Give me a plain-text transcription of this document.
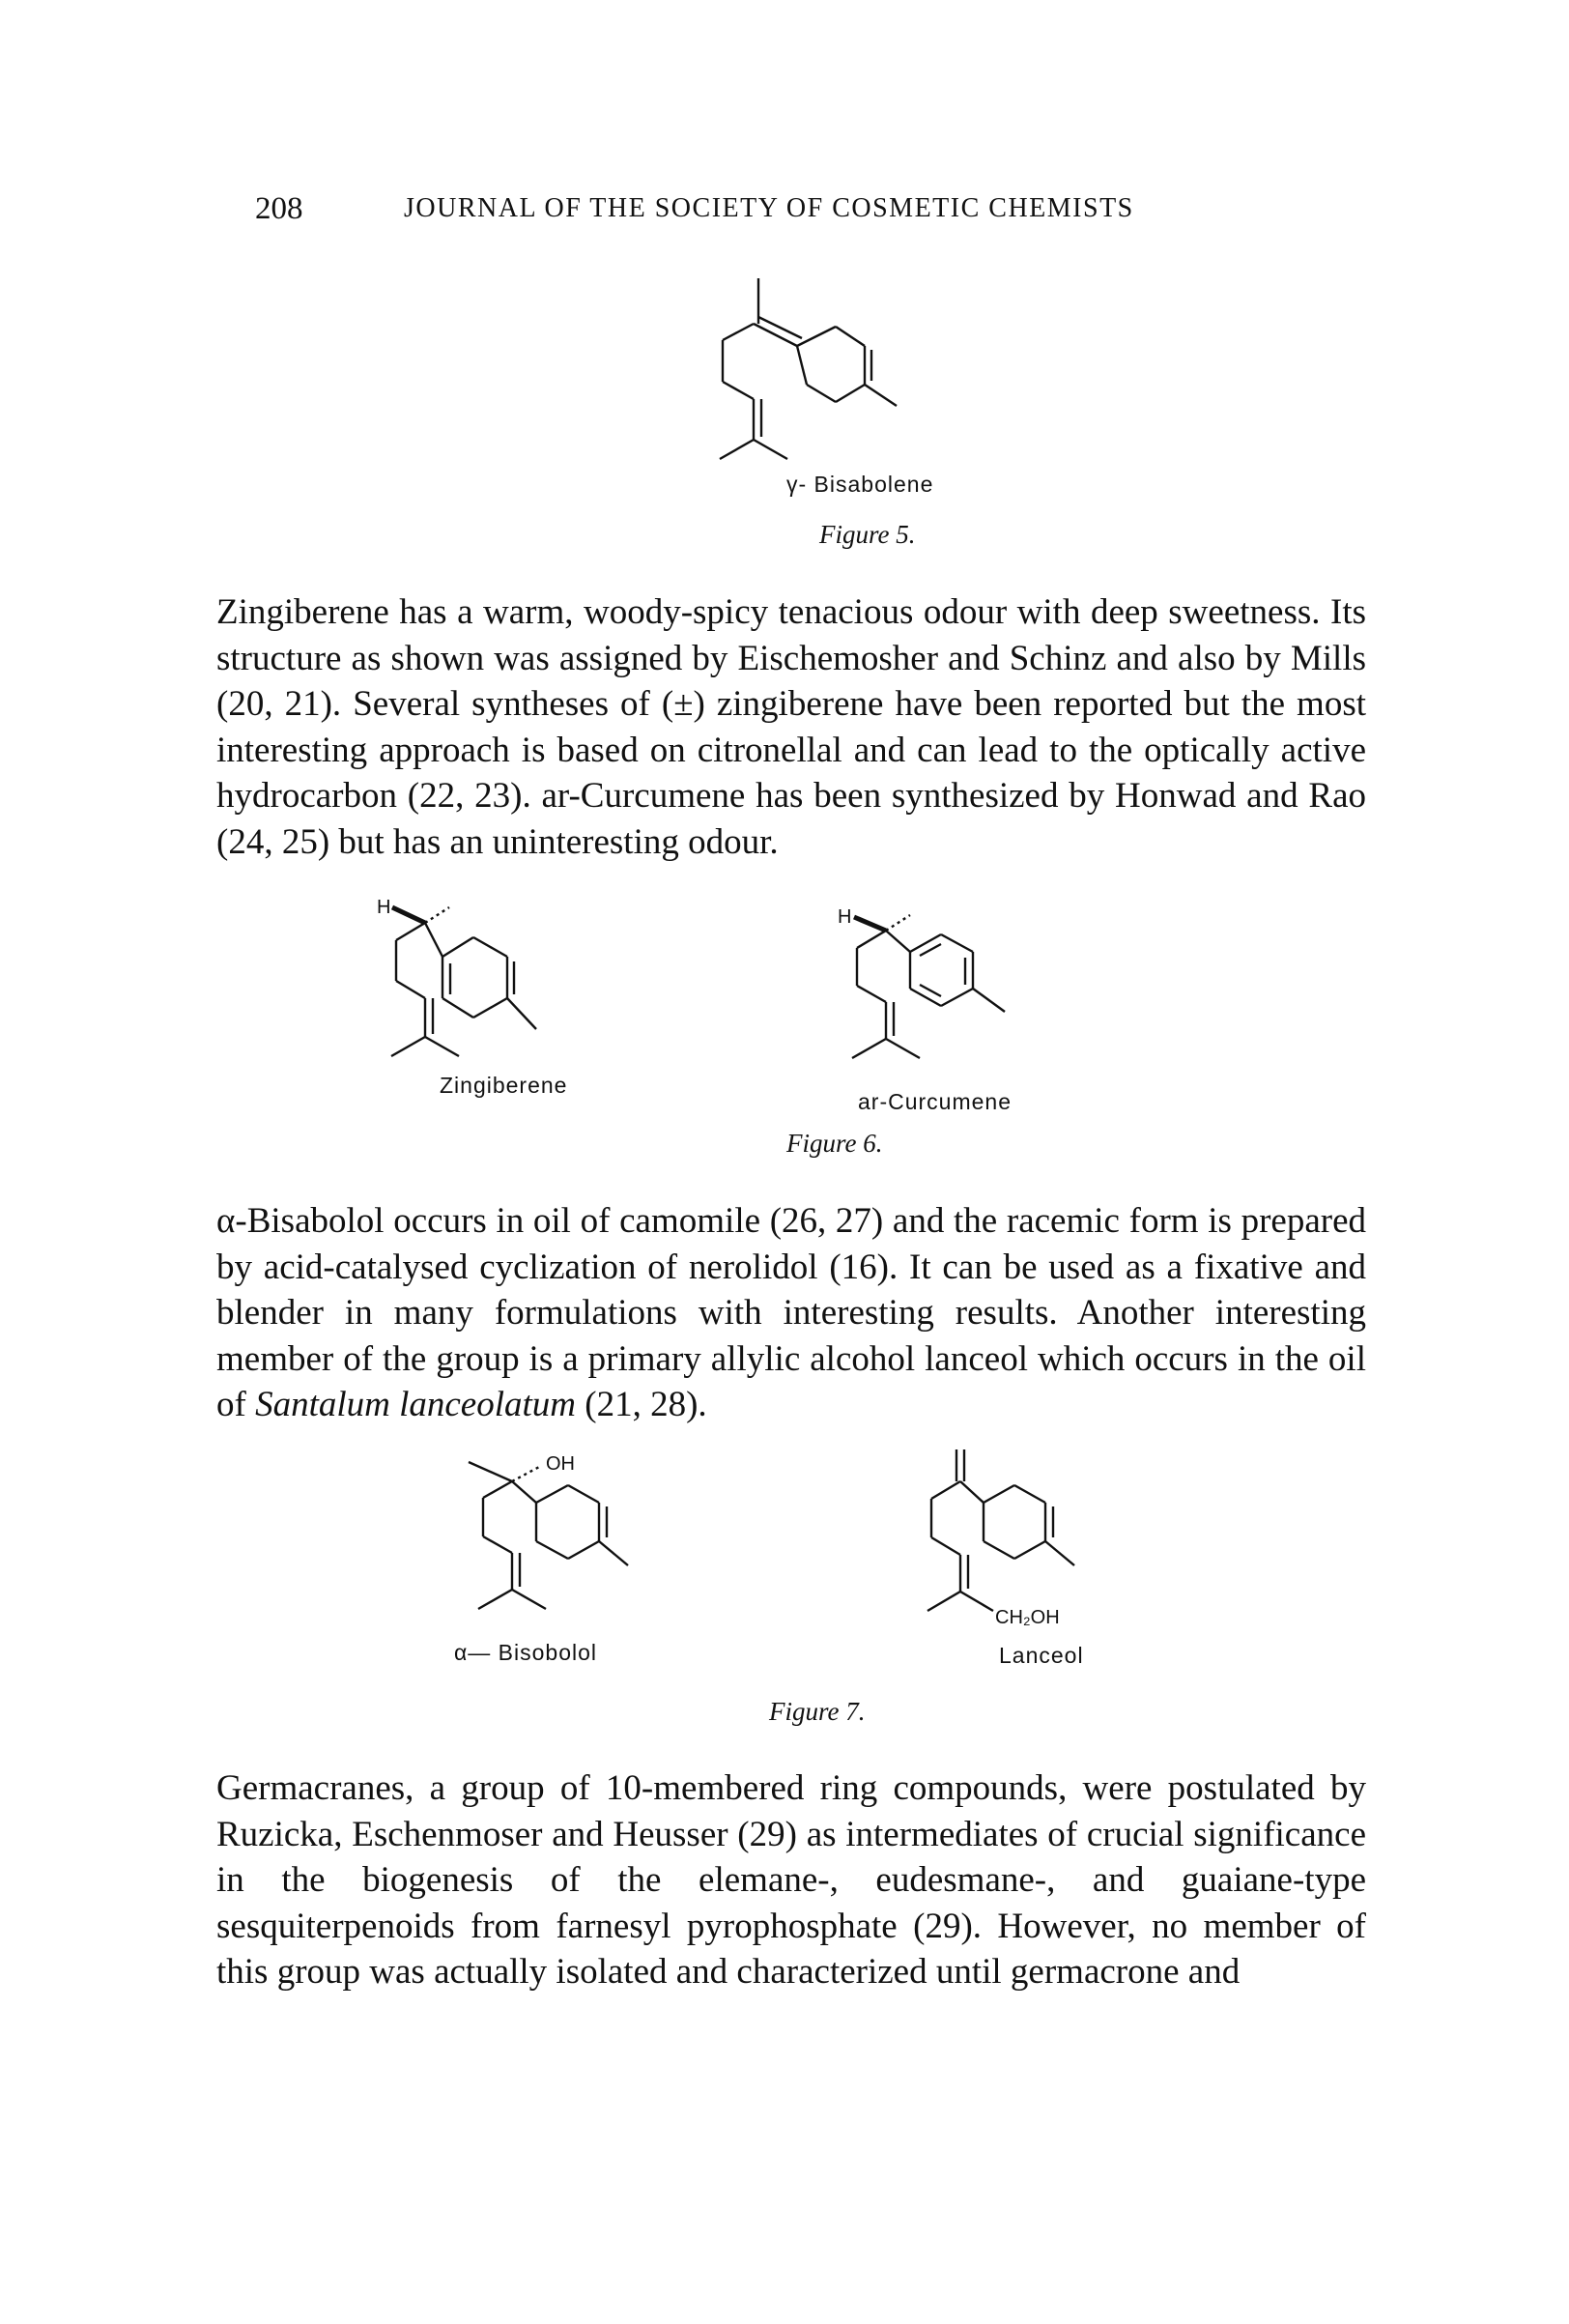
208	JOURNAL OF THE SOCIETY OF COSMETIC CHEMISTS
γ- Bisabolene
Figure 5.

Zingiberene has a warm, woody-spicy tenacious odour with deep sweetness. Its structure as shown was assigned by Eischemosher and Schinz and also by Mills (20, 21). Several syntheses of (±) zingiberene have been reported but the most interesting approach is based on citronellal and can lead to the optically active hydrocarbon (22, 23). ar-Curcumene has been synthesized by Honwad and Rao (24, 25) but has an uninteresting odour.

H
Zingiberene
H
ar-Curcumene
Figure 6.

α-Bisabolol occurs in oil of camomile (26, 27) and the racemic form is prepared by acid-catalysed cyclization of nerolidol (16). It can be used as a fixative and blender in many formulations with interesting results. Another interesting member of the group is a primary allylic alcohol lanceol which occurs in the oil of Santalum lanceolatum (21, 28).

OH
α— Bisobolol
CH₂OH
Lanceol
Figure 7.

Germacranes, a group of 10-membered ring compounds, were postulated by Ruzicka, Eschenmoser and Heusser (29) as intermediates of crucial significance in the biogenesis of the elemane-, eudesmane-, and guaiane-type sesquiterpenoids from farnesyl pyrophosphate (29). However, no member of this group was actually isolated and characterized until germacrone and
